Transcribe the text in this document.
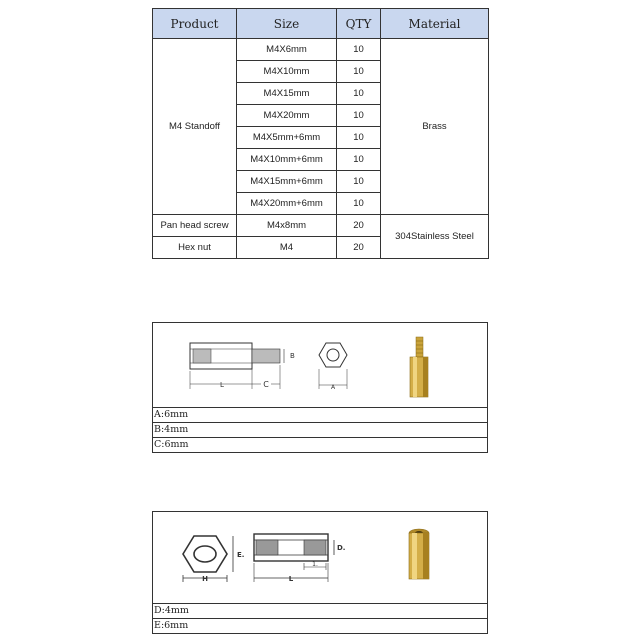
Product	Size	QTY	Material
M4 Standoff	M4X6mm	10	Brass
	M4X10mm	10	
	M4X15mm	10	
	M4X20mm	10	
	M4X5mm+6mm	10	
	M4X10mm+6mm	10	
	M4X15mm+6mm	10	
	M4X20mm+6mm	10	
Pan head screw	M4x8mm	20	304Stainless Steel
Hex nut	M4	20	
B
L	C	A
A:6mm
B:4mm
C:6mm
E.
H
D.
1.
L
D:4mm
E:6mm
